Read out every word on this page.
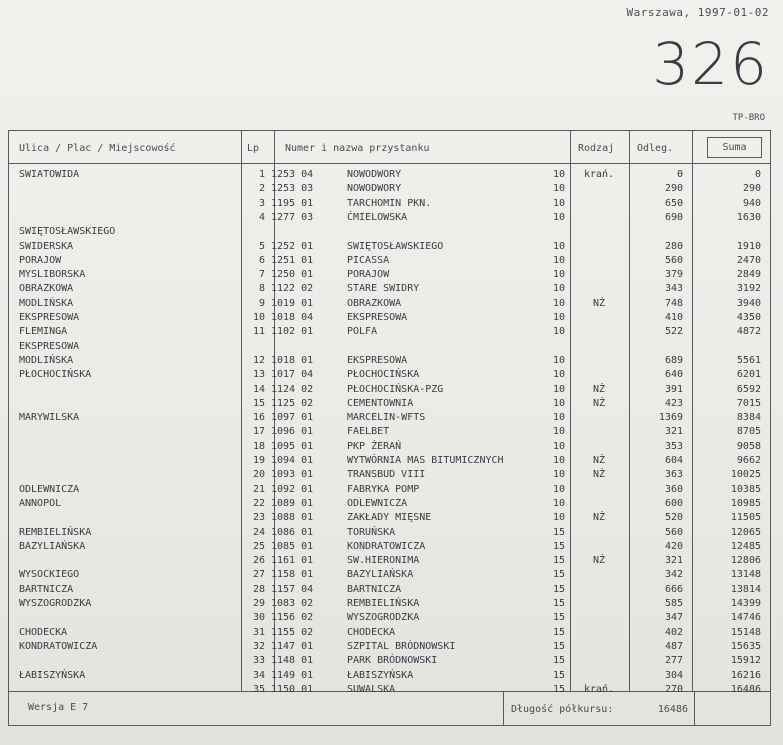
Warszawa, 1997-01-02
326
TP-BRO
Ulica / Plac / Miejscowość	Lp	Numer i nazwa przystanku	Rodzaj Odleg.	Suma
SWIATOWIDA	1 1253 04	NOWODWORY	10	krań.	0	0
2 1253 03	NOWODWORY	10	290	290
3 1195 01	TARCHOMIN PKN.	10	650	940
4 1277 03	ĆMIELOWSKA	10	690	1630
SWIĘTOSŁAWSKIEGO
SWIDERSKA	5 1252 01	SWIĘTOSŁAWSKIEGO	10	280	1910
PORAJOW	6 1251 01	PICASSA	10	560	2470
MYSLIBORSKA	7 1250 01	PORAJOW	10	379	2849
OBRAZKOWA	8 1122 02	STARE SWIDRY	10	343	3192
MODLIŃSKA	9 1019 01	OBRAZKOWA	10	NŻ	748	3940
EKSPRESOWA	10 1018 04	EKSPRESOWA	10	410	4350
FLEMINGA	11 1102 01	POLFA	10	522	4872
EKSPRESOWA
MODLIŃSKA	12 1018 01	EKSPRESOWA	10	689	5561
PŁOCHOCIŃSKA	13 1017 04	PŁOCHOCIŃSKA	10	640	6201
14 1124 02	PŁOCHOCIŃSKA-PZG	10	NŻ	391	6592
15 1125 02	CEMENTOWNIA	10	NŻ	423	7015
MARYWILSKA	16 1097 01	MARCELIN-WFTS	10	1369	8384
17 1096 01	FAELBET	10	321	8705
18 1095 01	PKP ŻERAŃ	10	353	9058
19 1094 01	WYTWÓRNIA MAS BITUMICZNYCH	10	NŻ	604	9662
20 1093 01	TRANSBUD VIII	10	NŻ	363	10025
ODLEWNICZA	21 1092 01	FABRYKA POMP	10	360	10385
ANNOPOL	22 1089 01	ODLEWNICZA	10	600	10985
23 1088 01	ZAKŁADY MIĘSNE	10	NŻ	520	11505
REMBIELIŃSKA	24 1086 01	TORUŃSKA	15	560	12065
BAZYLIAŃSKA	25 1085 01	KONDRATOWICZA	15	420	12485
26 1161 01	SW.HIERONIMA	15	NŻ	321	12806
WYSOCKIEGO	27 1158 01	BAZYLIAŃSKA	15	342	13148
BARTNICZA	28 1157 04	BARTNICZA	15	666	13814
WYSZOGRODZKA	29 1083 02	REMBIELIŃSKA	15	585	14399
30 1156 02	WYSZOGRODZKA	15	347	14746
CHODECKA	31 1155 02	CHODECKA	15	402	15148
KONDRATOWICZA	32 1147 01	SZPITAL BRÓDNOWSKI	15	487	15635
33 1148 01	PARK BRÓDNOWSKI	15	277	15912
ŁABISZYŃSKA	34 1149 01	ŁABISZYŃSKA	15	304	16216
35 1150 01	SUWALSKA	15	krań.	270	16486
Wersja E 7	Długość półkursu:	16486
